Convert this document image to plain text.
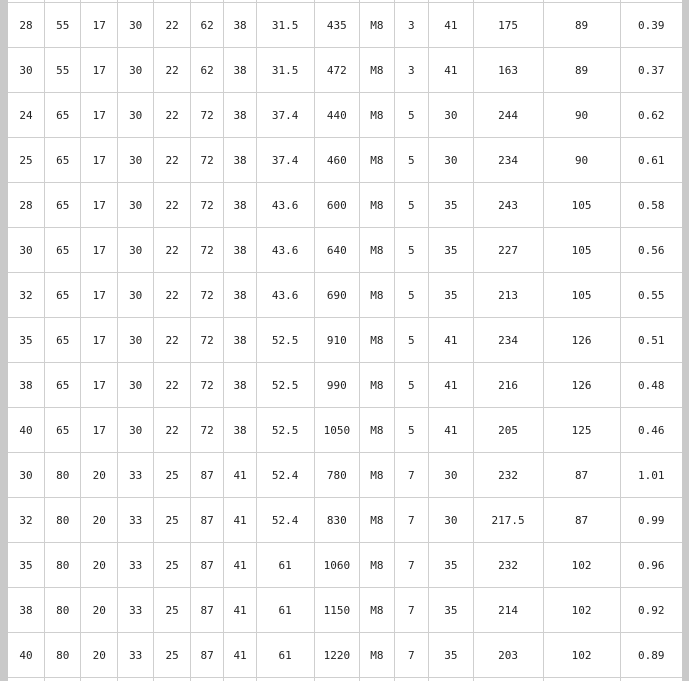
28	55	17	30	22	62	38	31.5	435	M8	3	41	175	89	0.39
30	55	17	30	22	62	38	31.5	472	M8	3	41	163	89	0.37
24	65	17	30	22	72	38	37.4	440	M8	5	30	244	90	0.62
25	65	17	30	22	72	38	37.4	460	M8	5	30	234	90	0.61
28	65	17	30	22	72	38	43.6	600	M8	5	35	243	105	0.58
30	65	17	30	22	72	38	43.6	640	M8	5	35	227	105	0.56
32	65	17	30	22	72	38	43.6	690	M8	5	35	213	105	0.55
35	65	17	30	22	72	38	52.5	910	M8	5	41	234	126	0.51
38	65	17	30	22	72	38	52.5	990	M8	5	41	216	126	0.48
40	65	17	30	22	72	38	52.5	1050	M8	5	41	205	125	0.46
30	80	20	33	25	87	41	52.4	780	M8	7	30	232	87	1.01
32	80	20	33	25	87	41	52.4	830	M8	7	30	217.5	87	0.99
35	80	20	33	25	87	41	61	1060	M8	7	35	232	102	0.96
38	80	20	33	25	87	41	61	1150	M8	7	35	214	102	0.92
40	80	20	33	25	87	41	61	1220	M8	7	35	203	102	0.89
